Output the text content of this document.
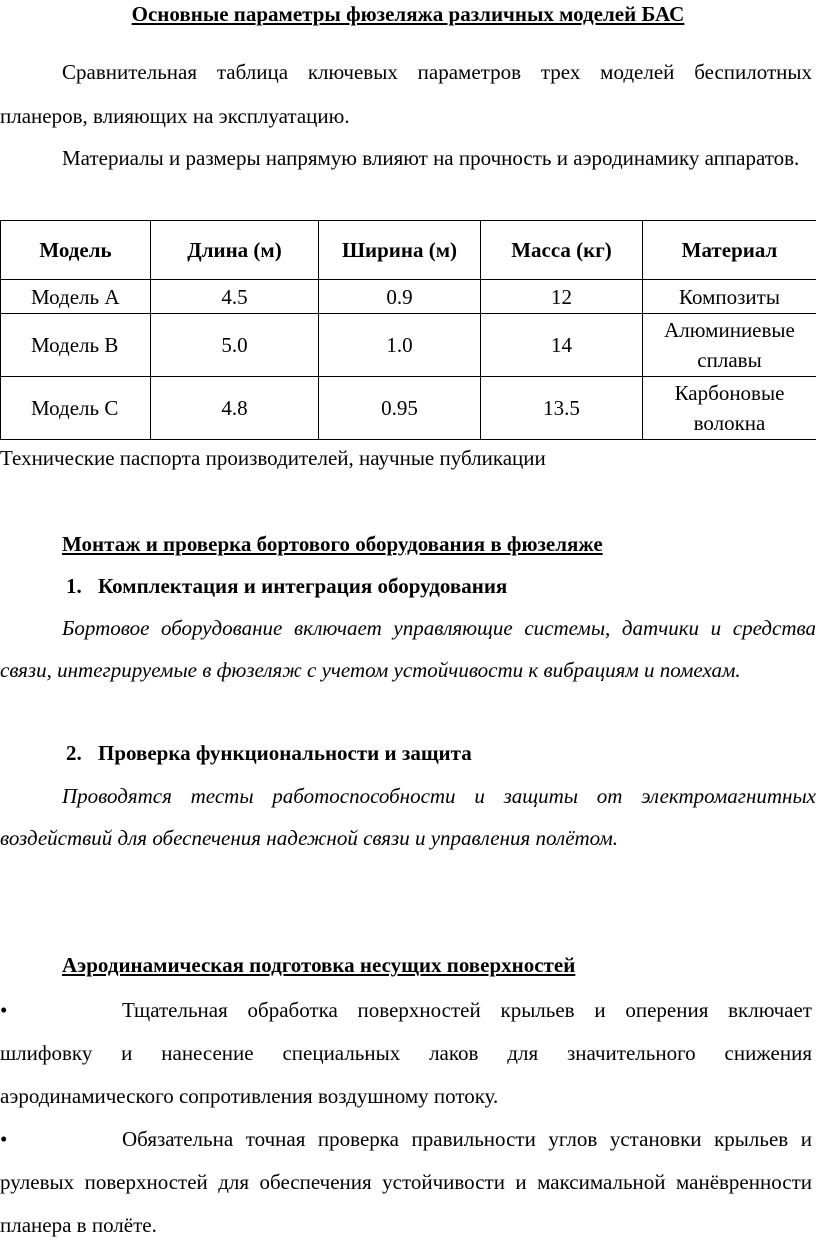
Основные параметры фюзеляжа различных моделей БАС
Сравнительная таблица ключевых параметров трех моделей беспилотных планеров, влияющих на эксплуатацию.
Материалы и размеры напрямую влияют на прочность и аэродинамику аппаратов.
Модель	Длина (м)	Ширина (м)	Масса (кг)	Материал
Модель A	4.5	0.9	12	Композиты
Модель B	5.0	1.0	14	Алюминиевые сплавы
Модель C	4.8	0.95	13.5	Карбоновые волокна
Технические паспорта производителей, научные публикации
Монтаж и проверка бортового оборудования в фюзеляже
1. Комплектация и интеграция оборудования
Бортовое оборудование включает управляющие системы, датчики и средства связи, интегрируемые в фюзеляж с учетом устойчивости к вибрациям и помехам.
2. Проверка функциональности и защита
Проводятся тесты работоспособности и защиты от электромагнитных воздействий для обеспечения надежной связи и управления полётом.
Аэродинамическая подготовка несущих поверхностей
•	Тщательная обработка поверхностей крыльев и оперения включает шлифовку и нанесение специальных лаков для значительного снижения аэродинамического сопротивления воздушному потоку.
•	Обязательна точная проверка правильности углов установки крыльев и рулевых поверхностей для обеспечения устойчивости и максимальной манёвренности планера в полёте.
